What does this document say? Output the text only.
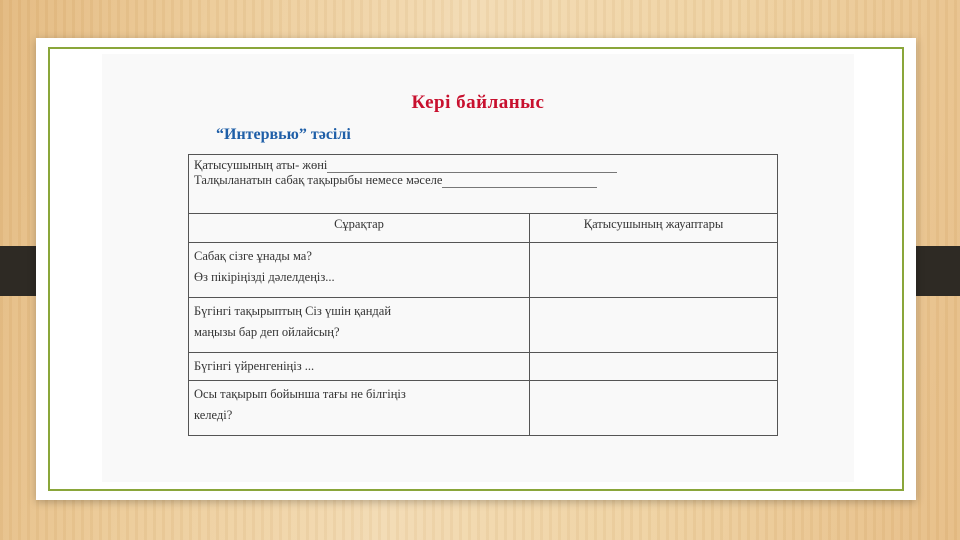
Кері байланыс
“Интервью” тәсілі
Қатысушының аты- жөні
Талқыланатын сабақ тақырыбы немесе мәселе	

Сұрақтар	Қатысушының жауаптары

Сабақ сізге ұнады ма?
Өз пікіріңізді дәлелдеңіз...	

Бүгінгі тақырыптың Сіз үшін қандай
маңызы бар деп ойлайсың?	

Бүгінгі үйренгеніңіз ...	

Осы тақырып бойынша тағы не білгіңіз
келеді?	
